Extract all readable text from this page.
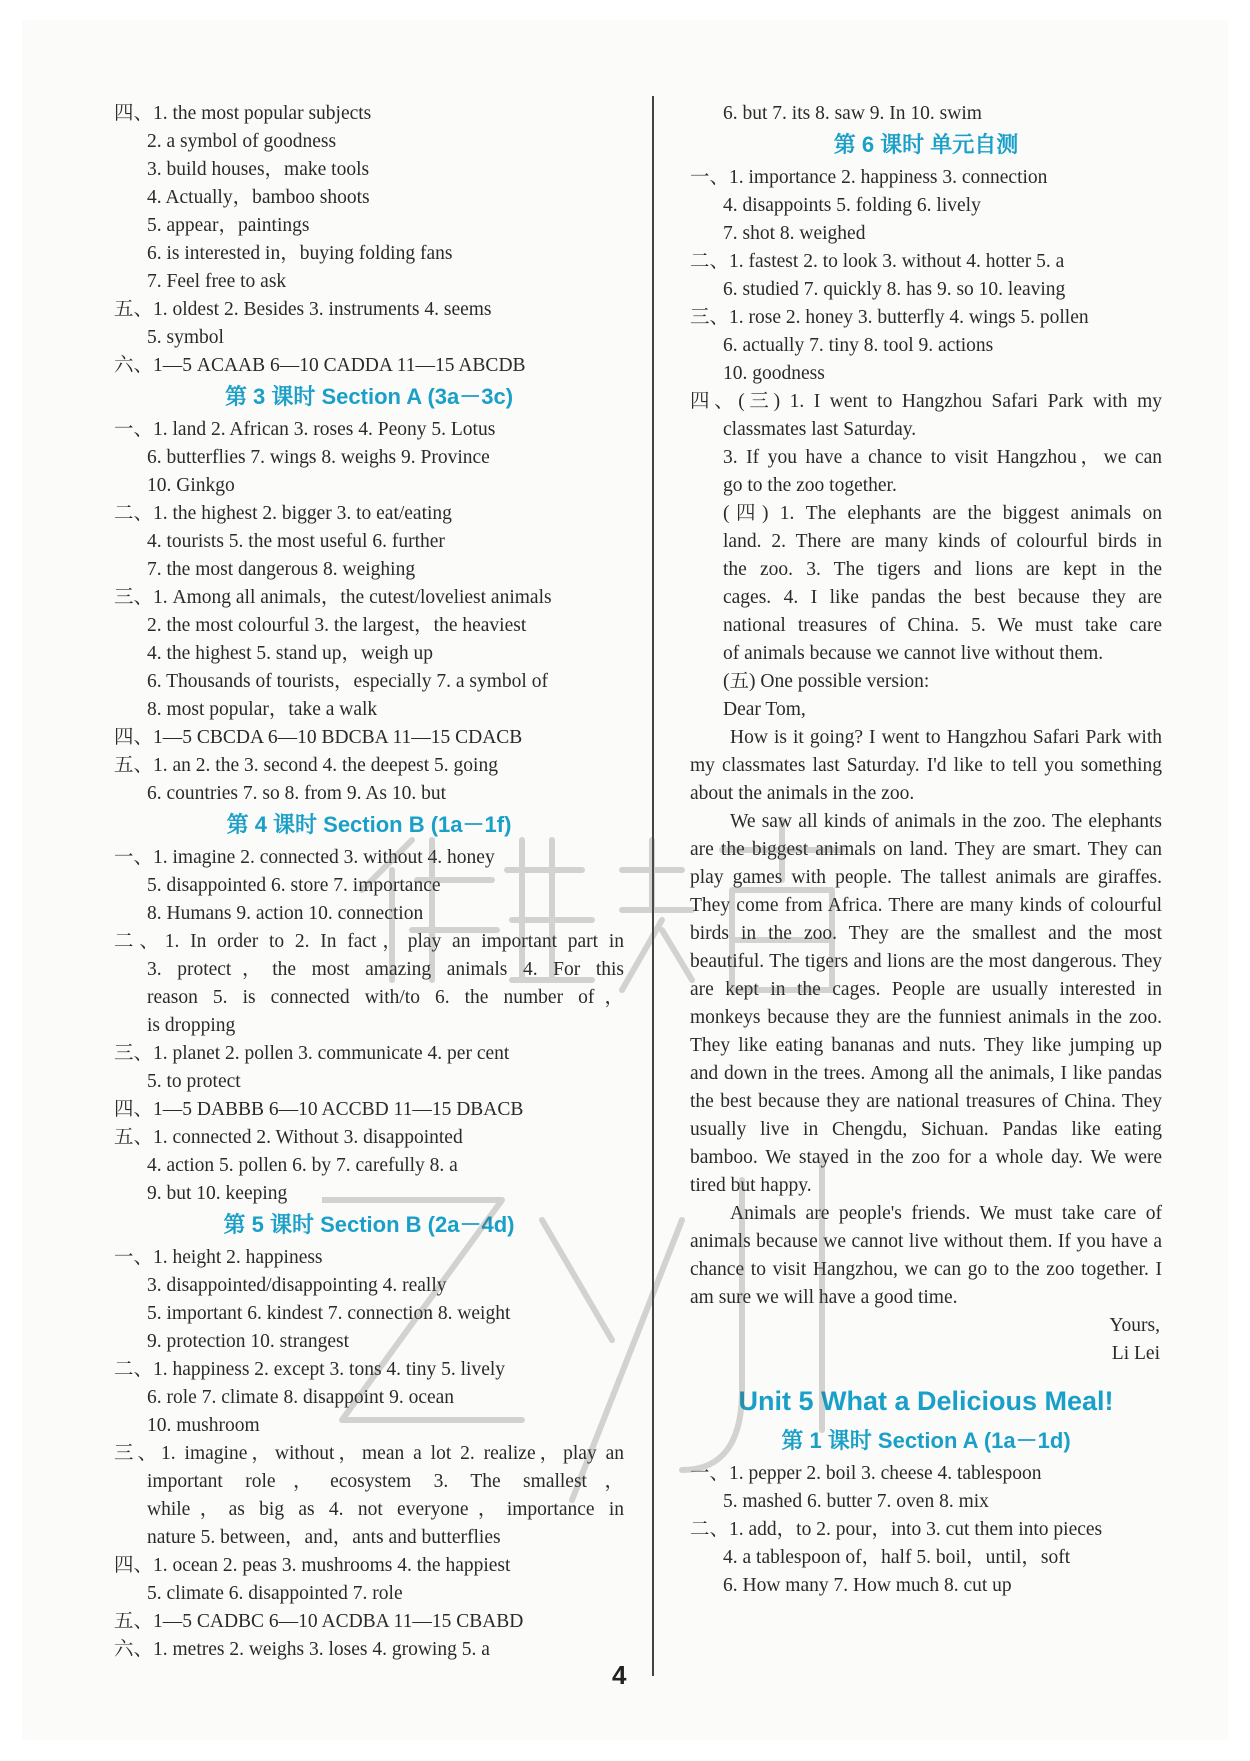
四、1. the most popular subjects
2. a symbol of goodness
3. build houses，make tools
4. Actually，bamboo shoots
5. appear，paintings
6. is interested in，buying folding fans
7. Feel free to ask
五、1. oldest 2. Besides 3. instruments 4. seems
5. symbol
六、1—5 ACAAB 6—10 CADDA 11—15 ABCDB
第 3 课时 Section A (3a－3c)
一、1. land 2. African 3. roses 4. Peony 5. Lotus
6. butterflies 7. wings 8. weighs 9. Province
10. Ginkgo
二、1. the highest 2. bigger 3. to eat/eating
4. tourists 5. the most useful 6. further
7. the most dangerous 8. weighing
三、1. Among all animals，the cutest/loveliest animals
2. the most colourful 3. the largest，the heaviest
4. the highest 5. stand up，weigh up
6. Thousands of tourists，especially 7. a symbol of
8. most popular，take a walk
四、1—5 CBCDA 6—10 BDCBA 11—15 CDACB
五、1. an 2. the 3. second 4. the deepest 5. going
6. countries 7. so 8. from 9. As 10. but
第 4 课时 Section B (1a－1f)
一、1. imagine 2. connected 3. without 4. honey
5. disappointed 6. store 7. importance
8. Humans 9. action 10. connection
二、1. In order to 2. In fact，play an important part in
3. protect，the most amazing animals 4. For this
reason 5. is connected with/to 6. the number of，
is dropping
三、1. planet 2. pollen 3. communicate 4. per cent
5. to protect
四、1—5 DABBB 6—10 ACCBD 11—15 DBACB
五、1. connected 2. Without 3. disappointed
4. action 5. pollen 6. by 7. carefully 8. a
9. but 10. keeping
第 5 课时 Section B (2a－4d)
一、1. height 2. happiness
3. disappointed/disappointing 4. really
5. important 6. kindest 7. connection 8. weight
9. protection 10. strangest
二、1. happiness 2. except 3. tons 4. tiny 5. lively
6. role 7. climate 8. disappoint 9. ocean
10. mushroom
三、1. imagine，without，mean a lot 2. realize，play an
important role，ecosystem 3. The smallest，
while，as big as 4. not everyone，importance in
nature 5. between，and，ants and butterflies
四、1. ocean 2. peas 3. mushrooms 4. the happiest
5. climate 6. disappointed 7. role
五、1—5 CADBC 6—10 ACDBA 11—15 CBABD
六、1. metres 2. weighs 3. loses 4. growing 5. a
6. but 7. its 8. saw 9. In 10. swim
第 6 课时 单元自测
一、1. importance 2. happiness 3. connection
4. disappoints 5. folding 6. lively
7. shot 8. weighed
二、1. fastest 2. to look 3. without 4. hotter 5. a
6. studied 7. quickly 8. has 9. so 10. leaving
三、1. rose 2. honey 3. butterfly 4. wings 5. pollen
6. actually 7. tiny 8. tool 9. actions
10. goodness
四、(三) 1. I went to Hangzhou Safari Park with my
classmates last Saturday.
3. If you have a chance to visit Hangzhou，we can
go to the zoo together.
(四) 1. The elephants are the biggest animals on
land. 2. There are many kinds of colourful birds in
the zoo. 3. The tigers and lions are kept in the
cages. 4. I like pandas the best because they are
national treasures of China. 5. We must take care
of animals because we cannot live without them.
(五) One possible version:
Dear Tom,

How is it going? I went to Hangzhou Safari Park with my classmates last Saturday. I'd like to tell you something about the animals in the zoo.

We saw all kinds of animals in the zoo. The elephants are the biggest animals on land. They are smart. They can play games with people. The tallest animals are giraffes. They come from Africa. There are many kinds of colourful birds in the zoo. They are the smallest and the most beautiful. The tigers and lions are the most dangerous. They are kept in the cages. People are usually interested in monkeys because they are the funniest animals in the zoo. They like eating bananas and nuts. They like jumping up and down in the trees. Among all the animals, I like pandas the best because they are national treasures of China. They usually live in Chengdu, Sichuan. Pandas like eating bamboo. We stayed in the zoo for a whole day. We were tired but happy.

Animals are people's friends. We must take care of animals because we cannot live without them. If you have a chance to visit Hangzhou, we can go to the zoo together. I am sure we will have a good time.

Yours,
Li Lei
Unit 5 What a Delicious Meal!
第 1 课时 Section A (1a－1d)
一、1. pepper 2. boil 3. cheese 4. tablespoon
5. mashed 6. butter 7. oven 8. mix
二、1. add，to 2. pour，into 3. cut them into pieces
4. a tablespoon of，half 5. boil，until，soft
6. How many 7. How much 8. cut up
4
